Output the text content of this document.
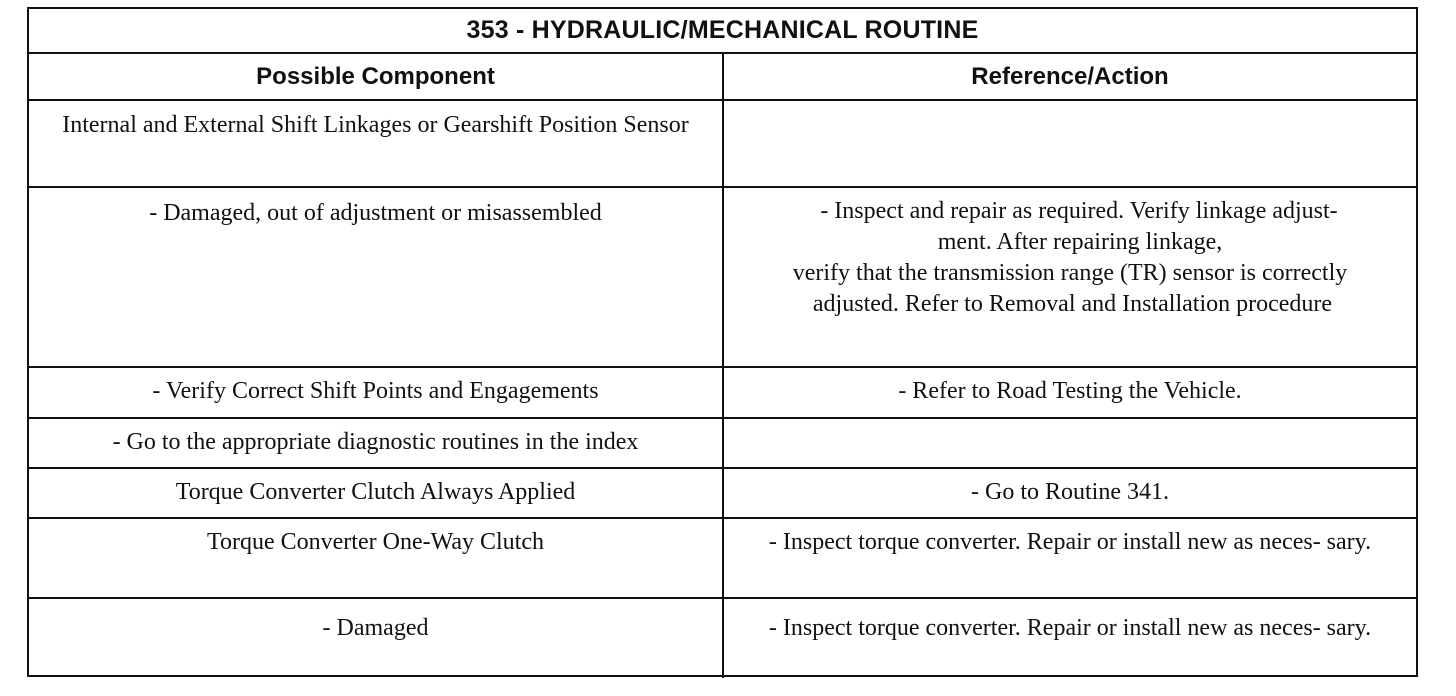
353 - HYDRAULIC/MECHANICAL ROUTINE
Possible Component	Reference/Action
Internal and External Shift Linkages or Gearshift Position Sensor	
- Damaged, out of adjustment or misassembled	- Inspect and repair as required. Verify linkage adjust-
ment. After repairing linkage,
verify that the transmission range (TR) sensor is correctly
adjusted. Refer to Removal and Installation procedure

- Verify Correct Shift Points and Engagements	- Refer to Road Testing the Vehicle.
- Go to the appropriate diagnostic routines in the index	
Torque Converter Clutch Always Applied	- Go to Routine 341.
Torque Converter One-Way Clutch	- Inspect torque converter. Repair or install new as neces- sary.
- Damaged	- Inspect torque converter. Repair or install new as neces- sary.
